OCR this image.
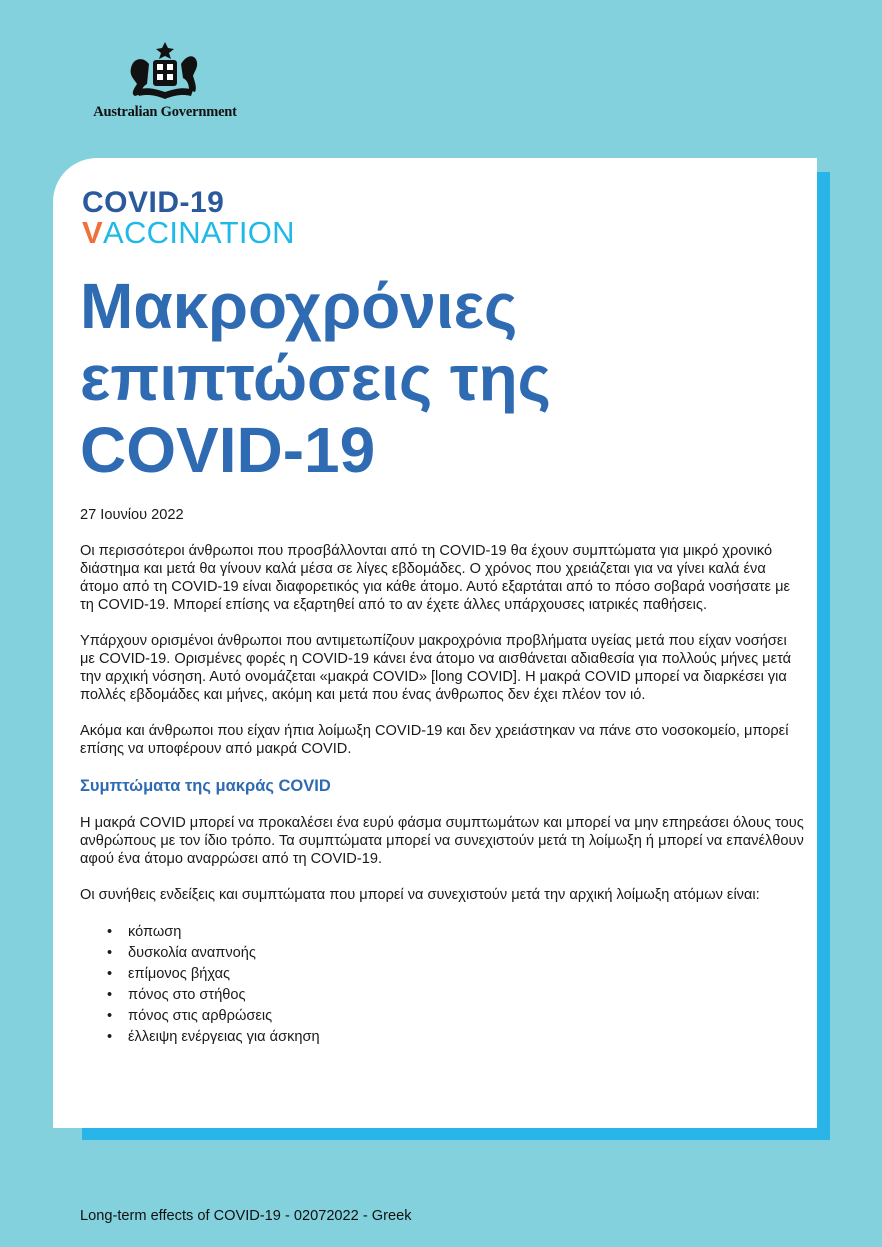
Australian Government
COVID-19
VACCINATION
Μακροχρόνιες
επιπτώσεις της
COVID-19
27 Ιουνίου 2022

Οι περισσότεροι άνθρωποι που προσβάλλονται από τη COVID-19 θα έχουν συμπτώματα για μικρό χρονικό διάστημα και μετά θα γίνουν καλά μέσα σε λίγες εβδομάδες. Ο χρόνος που χρειάζεται για να γίνει καλά ένα άτομο από τη COVID-19 είναι διαφορετικός για κάθε άτομο. Αυτό εξαρτάται από το πόσο σοβαρά νοσήσατε με τη COVID-19. Μπορεί επίσης να εξαρτηθεί από το αν έχετε άλλες υπάρχουσες ιατρικές παθήσεις.

Υπάρχουν ορισμένοι άνθρωποι που αντιμετωπίζουν μακροχρόνια προβλήματα υγείας μετά που είχαν νοσήσει με COVID-19. Ορισμένες φορές η COVID-19 κάνει ένα άτομο να αισθάνεται αδιαθεσία για πολλούς μήνες μετά την αρχική νόσηση. Αυτό ονομάζεται «μακρά COVID» [long COVID]. Η μακρά COVID μπορεί να διαρκέσει για πολλές εβδομάδες και μήνες, ακόμη και μετά που ένας άνθρωπος δεν έχει πλέον τον ιό.

Ακόμα και άνθρωποι που είχαν ήπια λοίμωξη COVID-19 και δεν χρειάστηκαν να πάνε στο νοσοκομείο, μπορεί επίσης να υποφέρουν από μακρά COVID.

Συμπτώματα της μακράς COVID

Η μακρά COVID μπορεί να προκαλέσει ένα ευρύ φάσμα συμπτωμάτων και μπορεί να μην επηρεάσει όλους τους ανθρώπους με τον ίδιο τρόπο. Τα συμπτώματα μπορεί να συνεχιστούν μετά τη λοίμωξη ή μπορεί να επανέλθουν αφού ένα άτομο αναρρώσει από τη COVID-19.

Οι συνήθεις ενδείξεις και συμπτώματα που μπορεί να συνεχιστούν μετά την αρχική λοίμωξη ατόμων είναι:

• κόπωση
• δυσκολία αναπνοής
• επίμονος βήχας
• πόνος στο στήθος
• πόνος στις αρθρώσεις
• έλλειψη ενέργειας για άσκηση
Long-term effects of COVID-19 - 02072022 - Greek
